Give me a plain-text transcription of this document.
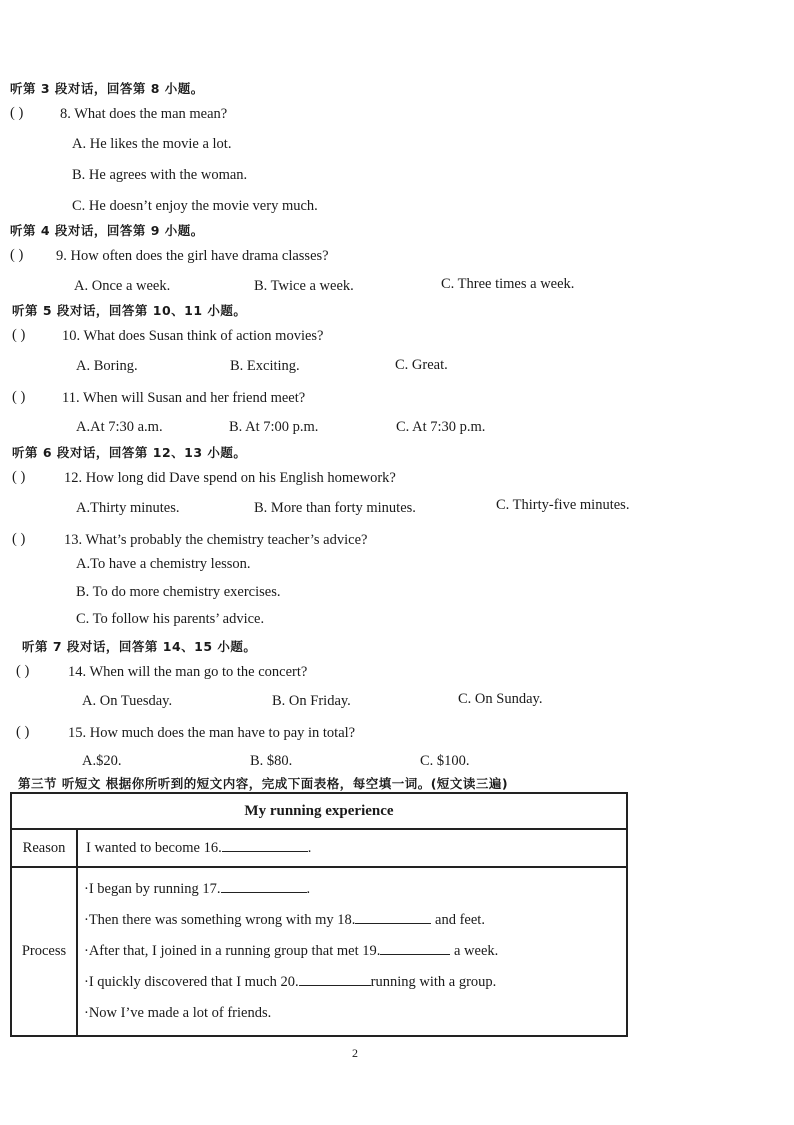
听第 3 段对话，回答第 8 小题。
( )	8. What does the man mean?
A. He likes the movie a lot.
B. He agrees with the woman.
C. He doesn’t enjoy the movie very much.
听第 4 段对话，回答第 9 小题。
( ) 9. How often does the girl have drama classes?
A. Once a week.	B. Twice a week.	C. Three times a week.
听第 5 段对话，回答第 10、11 小题。
( )	10. What does Susan think of action movies?
A. Boring.	B. Exciting.	C. Great.
( )	11. When will Susan and her friend meet?
A.At 7:30 a.m.	B. At 7:00 p.m.	C. At 7:30 p.m.
听第 6 段对话，回答第 12、13 小题。
( )	12. How long did Dave spend on his English homework?
A.Thirty minutes.	B. More than forty minutes.	C. Thirty-five minutes.
( )	13. What’s probably the chemistry teacher’s advice?
A.To have a chemistry lesson.
B. To do more chemistry exercises.
C. To follow his parents’ advice.
听第 7 段对话，回答第 14、15 小题。
( )	14. When will the man go to the concert?
A. On Tuesday.	B. On Friday.	C. On Sunday.
( )	15. How much does the man have to pay in total?
A.$20.	B. $80.	C. $100.
第三节 听短文 根据你所听到的短文内容，完成下面表格，每空填一词。(短文读三遍)
My running experience	
Reason	I wanted to become 16. .
Process	·I began by running 17. .
·Then there was something wrong with my 18. and feet.
·After that, I joined in a running group that met 19. a week.
·I quickly discovered that I much 20. running with a group.
·Now I’ve made a lot of friends.
2
